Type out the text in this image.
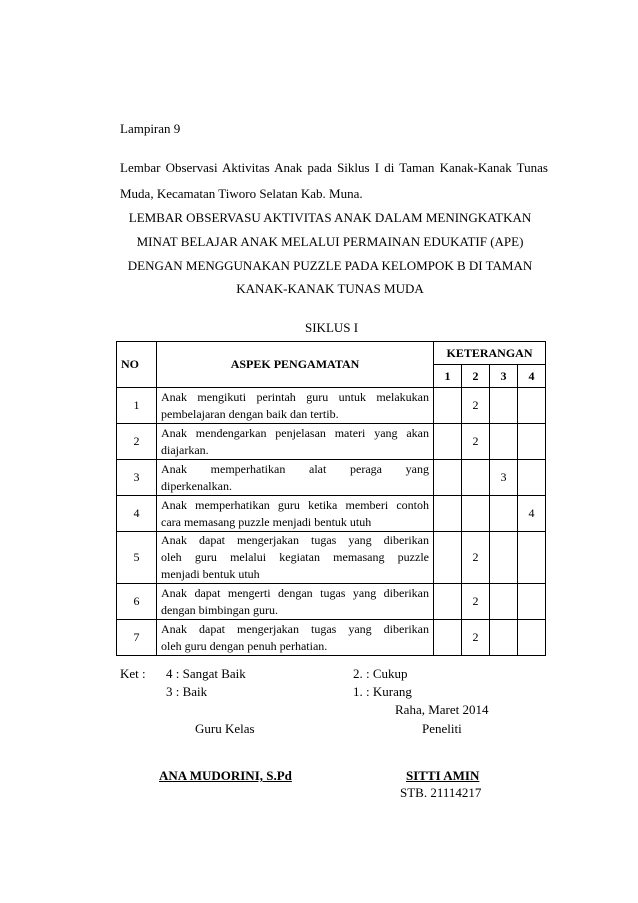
Lampiran 9
Lembar Observasi Aktivitas Anak pada Siklus I di Taman Kanak-Kanak Tunas
Muda, Kecamatan Tiworo Selatan Kab. Muna.
LEMBAR OBSERVASU AKTIVITAS ANAK DALAM MENINGKATKAN
MINAT BELAJAR ANAK MELALUI PERMAINAN EDUKATIF (APE)
DENGAN MENGGUNAKAN PUZZLE PADA KELOMPOK B DI TAMAN
KANAK-KANAK TUNAS MUDA
SIKLUS I
NO	ASPEK PENGAMATAN	KETERANGAN			
		1	2	3	4
1	Anak mengikuti perintah guru untuk melakukan
pembelajaran dengan baik dan tertib.		2		
2	Anak mendengarkan penjelasan materi yang akan
diajarkan.		2		
3	Anak memperhatikan alat peraga yang
diperkenalkan.			3	
4	Anak memperhatikan guru ketika memberi contoh
cara memasang puzzle menjadi bentuk utuh				4
5	Anak dapat mengerjakan tugas yang diberikan
oleh guru melalui kegiatan memasang puzzle
menjadi bentuk utuh		2		
6	Anak dapat mengerti dengan tugas yang diberikan
dengan bimbingan guru.		2		
7	Anak dapat mengerjakan tugas yang diberikan
oleh guru dengan penuh perhatian.		2		
Ket : 4 : Sangat Baik
3 : Baik
2. : Cukup
1. : Kurang
Raha, Maret 2014
Guru Kelas	Peneliti
ANA MUDORINI, S.Pd	SITTI AMIN
STB. 21114217
